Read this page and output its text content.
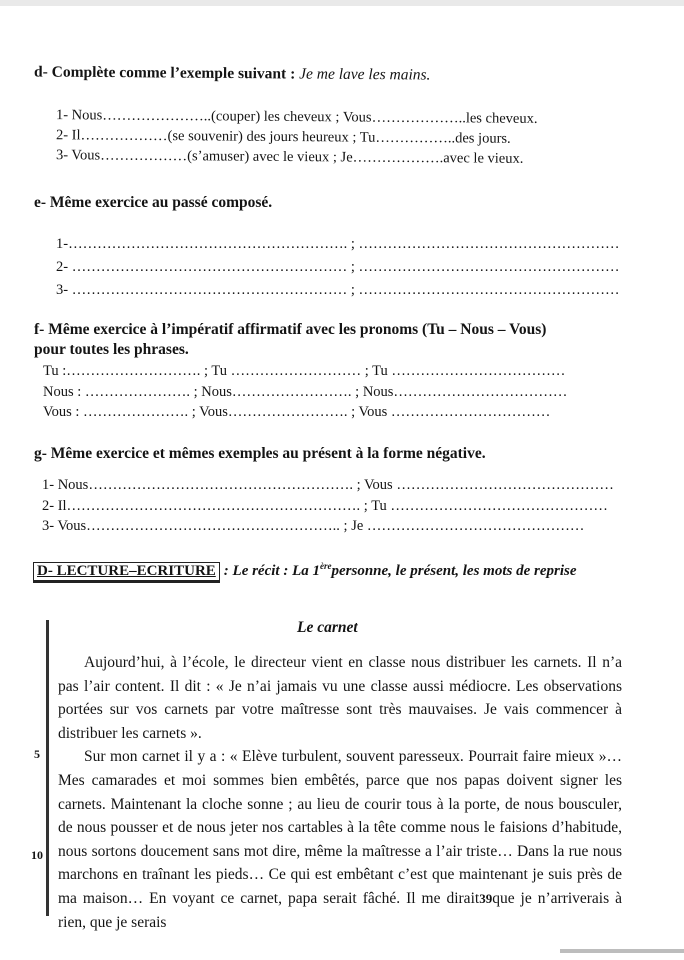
d- Complète comme l’exemple suivant : Je me lave les mains.
1- Nous…………………..(couper) les cheveux ; Vous………………..les cheveux.
2- Il………………(se souvenir) des jours heureux ; Tu……………..des jours.
3- Vous………………(s’amuser) avec le vieux ; Je……………….avec le vieux.
e- Même exercice au passé composé.
1-…………………………………………………. ; ………………………………………………
2- ………………………………………………… ; ………………………………………………
3- ………………………………………………… ; ………………………………………………
f- Même exercice à l’impératif affirmatif avec les pronoms (Tu – Nous – Vous)
pour toutes les phrases.
Tu :………………………. ; Tu ……………………… ; Tu ………………………………
Nous : …………………. ; Nous……………………. ; Nous………………………………
Vous : …………………. ; Vous……………………. ; Vous ……………………………
g- Même exercice et mêmes exemples au présent à la forme négative.
1- Nous………………………………………………. ; Vous ………………………………………
2- Il……………………………………………………. ; Tu ………………………………………
3- Vous…………………………………………….. ; Je ………………………………………
D- LECTURE–ECRITURE : Le récit : La 1èrepersonne, le présent, les mots de reprise
Le carnet

Aujourd’hui, à l’école, le directeur vient en classe nous distribuer les carnets. Il n’a pas l’air content. Il dit : « Je n’ai jamais vu une classe aussi médiocre. Les observations portées sur vos carnets par votre maîtresse sont très mauvaises. Je vais commencer à distribuer les carnets ».

Sur mon carnet il y a : « Elève turbulent, souvent paresseux. Pourrait faire mieux »… Mes camarades et moi sommes bien embêtés, parce que nos papas doivent signer les carnets. Maintenant la cloche sonne ; au lieu de courir tous à la porte, de nous bousculer, de nous pousser et de nous jeter nos cartables à la tête comme nous le faisions d’habitude, nous sortons doucement sans mot dire, même la maîtresse a l’air triste… Dans la rue nous marchons en traînant les pieds… Ce qui est embêtant c’est que maintenant je suis près de ma maison… En voyant ce carnet, papa serait fâché. Il me dirait39que je n’arriverais à rien, que je serais

5
10
